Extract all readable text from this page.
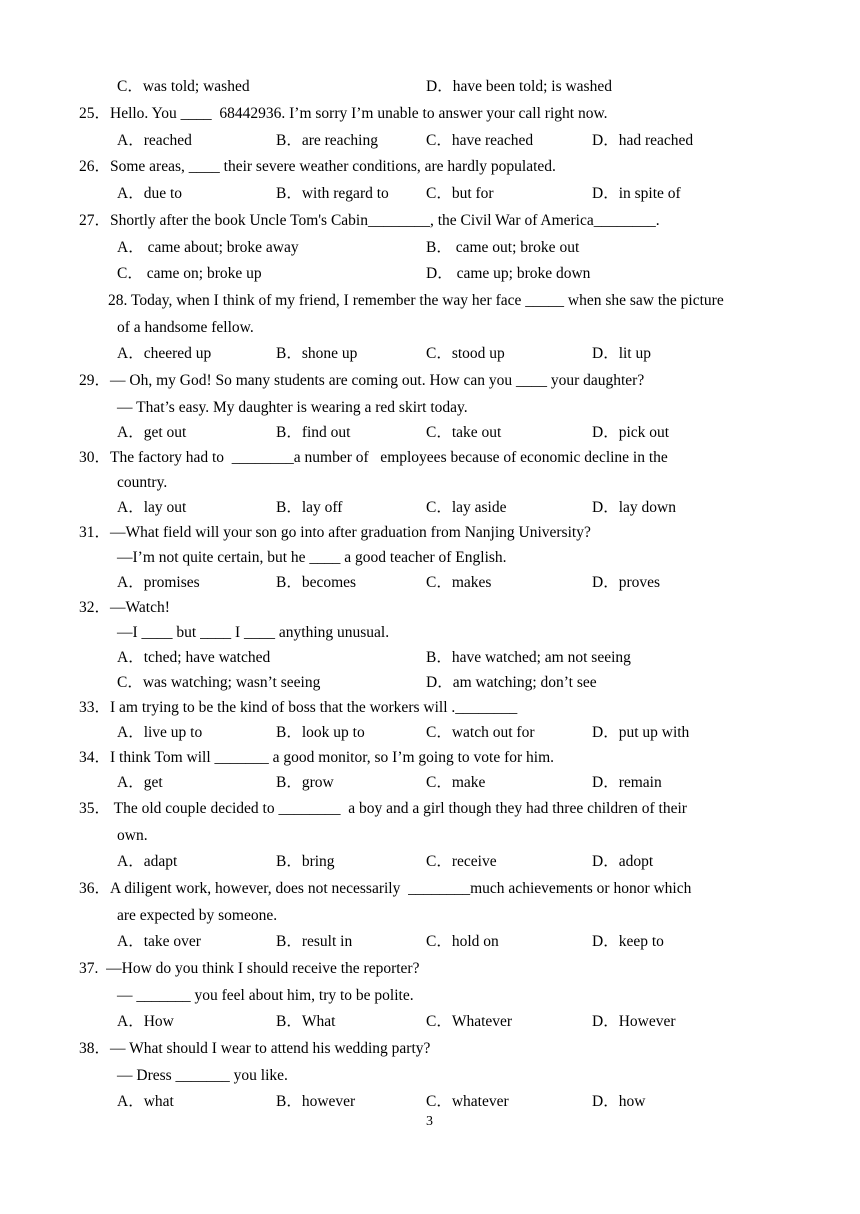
C．was told; washed	D．have been told; is washed
25．Hello. You ____  68442936. I’m sorry I’m unable to answer your call right now.
A．reached	B．are reaching	C．have reached	D．had reached
26．Some areas, ____ their severe weather conditions, are hardly populated.
A．due to	B．with regard to C．but for	D．in spite of
27．Shortly after the book Uncle Tom's Cabin________, the Civil War of America________.
A． came about; broke away	B． came out; broke out
C． came on; broke up	D． came up; broke down
28. Today, when I think of my friend, I remember the way her face _____ when she saw the picture
of a handsome fellow.
A．cheered up	B．shone up	C．stood up	D．lit up
29．— Oh, my God! So many students are coming out. How can you ____ your daughter?
— That’s easy. My daughter is wearing a red skirt today.
A．get out	B．find out	C．take out	D．pick out
30．The factory had to  ________a number of   employees because of economic decline in the
country.
A．lay out	B．lay off	C．lay aside	D．lay down
31．—What field will your son go into after graduation from Nanjing University?
—I’m not quite certain, but he ____ a good teacher of English.
A．promises	B．becomes	C．makes	D．proves
32．—Watch!
—I ____ but ____ I ____ anything unusual.
A．tched; have watched	B．have watched; am not seeing
C．was watching; wasn’t seeing	D．am watching; don’t see
33．I am trying to be the kind of boss that the workers will .________
A．live up to	B．look up to	C．watch out for	D．put up with
34．I think Tom will _______ a good monitor, so I’m going to vote for him.
A．get	B．grow	C．make	D．remain
35． The old couple decided to ________  a boy and a girl though they had three children of their
own.
A．adapt	B．bring	C．receive	D．adopt
36．A diligent work, however, does not necessarily  ________much achievements or honor which
are expected by someone.
A．take over	B．result in	C．hold on	D．keep to
37.  —How do you think I should receive the reporter?
— _______ you feel about him, try to be polite.
A．How	B．What	C．Whatever	D．However
38．— What should I wear to attend his wedding party?
— Dress _______ you like.
A．what	B．however	C．whatever	D．how
3
